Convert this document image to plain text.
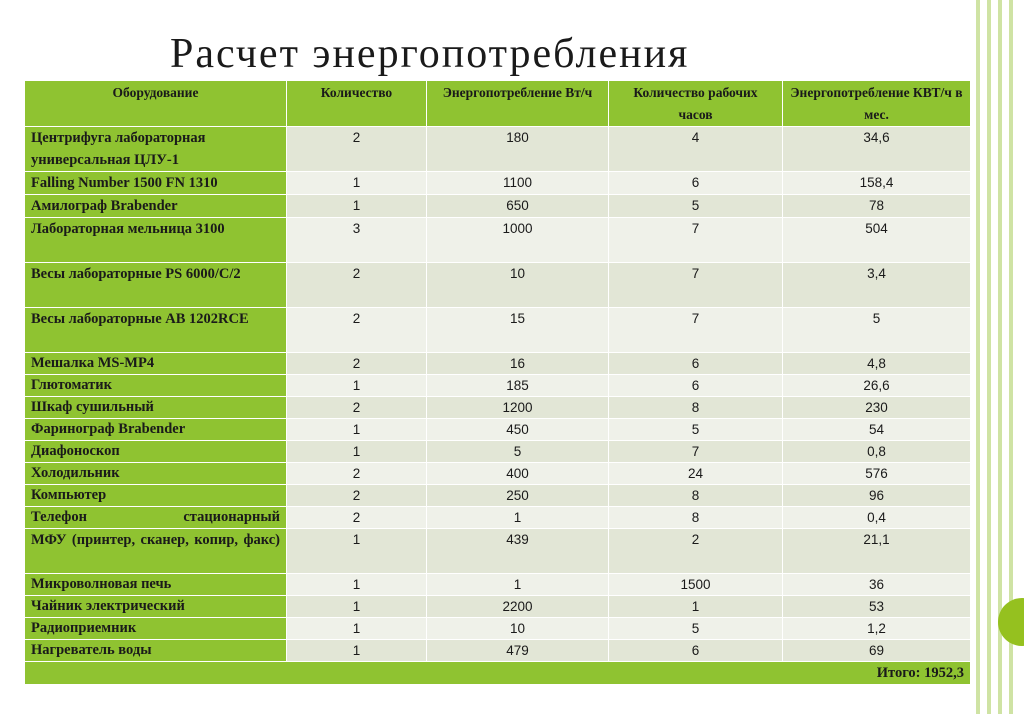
Расчет энергопотребления
Оборудование	Количество	Энергопотребление Вт/ч	Количество рабочих часов	Энергопотребление КВТ/ч в мес.
Центрифуга лабораторная универсальная ЦЛУ-1	2	180	4	34,6
Falling Number 1500 FN 1310	1	1100	6	158,4
Амилограф Brabender	1	650	5	78
Лабораторная мельница 3100	3	1000	7	504
Весы лабораторные PS 6000/C/2	2	10	7	3,4
Весы лабораторные AB 1202RCE	2	15	7	5
Мешалка MS-MP4	2	16	6	4,8
Глютоматик	1	185	6	26,6
Шкаф сушильный	2	1200	8	230
Фаринограф Brabender	1	450	5	54
Диафоноскоп	1	5	7	0,8
Холодильник	2	400	24	576
Компьютер	2	250	8	96
Телефон стационарный	2	1	8	0,4
МФУ (принтер, сканер, копир, факс)	1	439	2	21,1
Микроволновая печь	1	1	1500	36
Чайник электрический	1	2200	1	53
Радиоприемник	1	10	5	1,2
Нагреватель воды	1	479	6	69
Итого: 1952,3				
